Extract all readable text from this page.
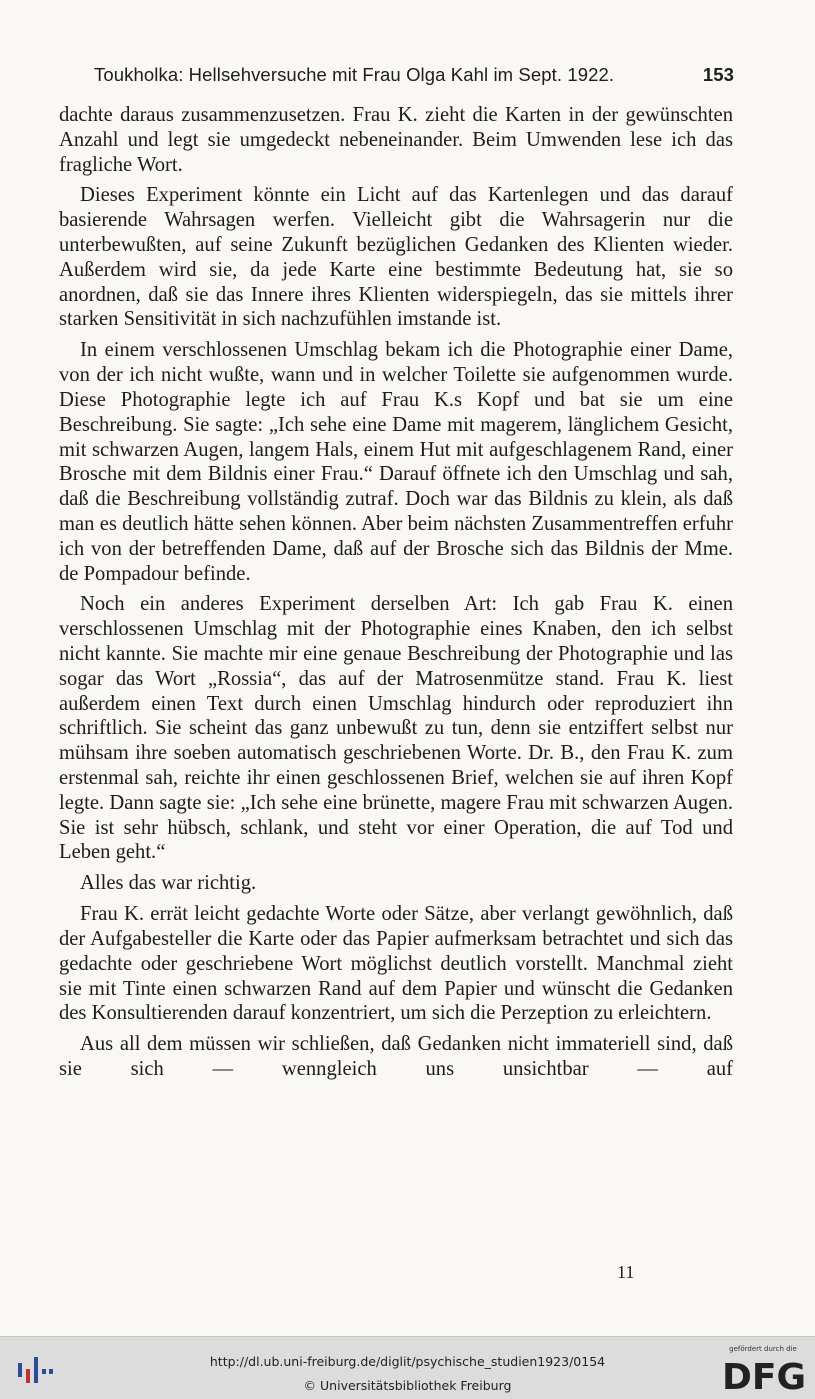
Toukholka: Hellsehversuche mit Frau Olga Kahl im Sept. 1922.	153

dachte daraus zusammenzusetzen. Frau K. zieht die Karten in der gewünschten Anzahl und legt sie umgedeckt nebeneinander. Beim Umwenden lese ich das fragliche Wort.

Dieses Experiment könnte ein Licht auf das Kartenlegen und das darauf basierende Wahrsagen werfen. Vielleicht gibt die Wahrsagerin nur die unterbewußten, auf seine Zukunft bezüglichen Gedanken des Klienten wieder. Außerdem wird sie, da jede Karte eine bestimmte Bedeutung hat, sie so anordnen, daß sie das Innere ihres Klienten widerspiegeln, das sie mittels ihrer starken Sensitivität in sich nachzufühlen imstande ist.

In einem verschlossenen Umschlag bekam ich die Photographie einer Dame, von der ich nicht wußte, wann und in welcher Toilette sie aufgenommen wurde. Diese Photographie legte ich auf Frau K.s Kopf und bat sie um eine Beschreibung. Sie sagte: „Ich sehe eine Dame mit magerem, länglichem Gesicht, mit schwarzen Augen, langem Hals, einem Hut mit aufgeschlagenem Rand, einer Brosche mit dem Bildnis einer Frau.“ Darauf öffnete ich den Umschlag und sah, daß die Beschreibung vollständig zutraf. Doch war das Bildnis zu klein, als daß man es deutlich hätte sehen können. Aber beim nächsten Zusammentreffen erfuhr ich von der betreffenden Dame, daß auf der Brosche sich das Bildnis der Mme. de Pompadour befinde.

Noch ein anderes Experiment derselben Art: Ich gab Frau K. einen verschlossenen Umschlag mit der Photographie eines Knaben, den ich selbst nicht kannte. Sie machte mir eine genaue Beschreibung der Photographie und las sogar das Wort „Rossia“, das auf der Matrosenmütze stand. Frau K. liest außerdem einen Text durch einen Umschlag hindurch oder reproduziert ihn schriftlich. Sie scheint das ganz unbewußt zu tun, denn sie entziffert selbst nur mühsam ihre soeben automatisch geschriebenen Worte. Dr. B., den Frau K. zum erstenmal sah, reichte ihr einen geschlossenen Brief, welchen sie auf ihren Kopf legte. Dann sagte sie: „Ich sehe eine brünette, magere Frau mit schwarzen Augen. Sie ist sehr hübsch, schlank, und steht vor einer Operation, die auf Tod und Leben geht.“

Alles das war richtig.

Frau K. errät leicht gedachte Worte oder Sätze, aber verlangt gewöhnlich, daß der Aufgabesteller die Karte oder das Papier aufmerksam betrachtet und sich das gedachte oder geschriebene Wort möglichst deutlich vorstellt. Manchmal zieht sie mit Tinte einen schwarzen Rand auf dem Papier und wünscht die Gedanken des Konsultierenden darauf konzentriert, um sich die Perzeption zu erleichtern.

Aus all dem müssen wir schließen, daß Gedanken nicht immateriell sind, daß sie sich — wenngleich uns unsichtbar — auf

11
http://dl.ub.uni-freiburg.de/diglit/psychische_studien1923/0154
© Universitätsbibliothek Freiburg
gefördert durch die
DFG
